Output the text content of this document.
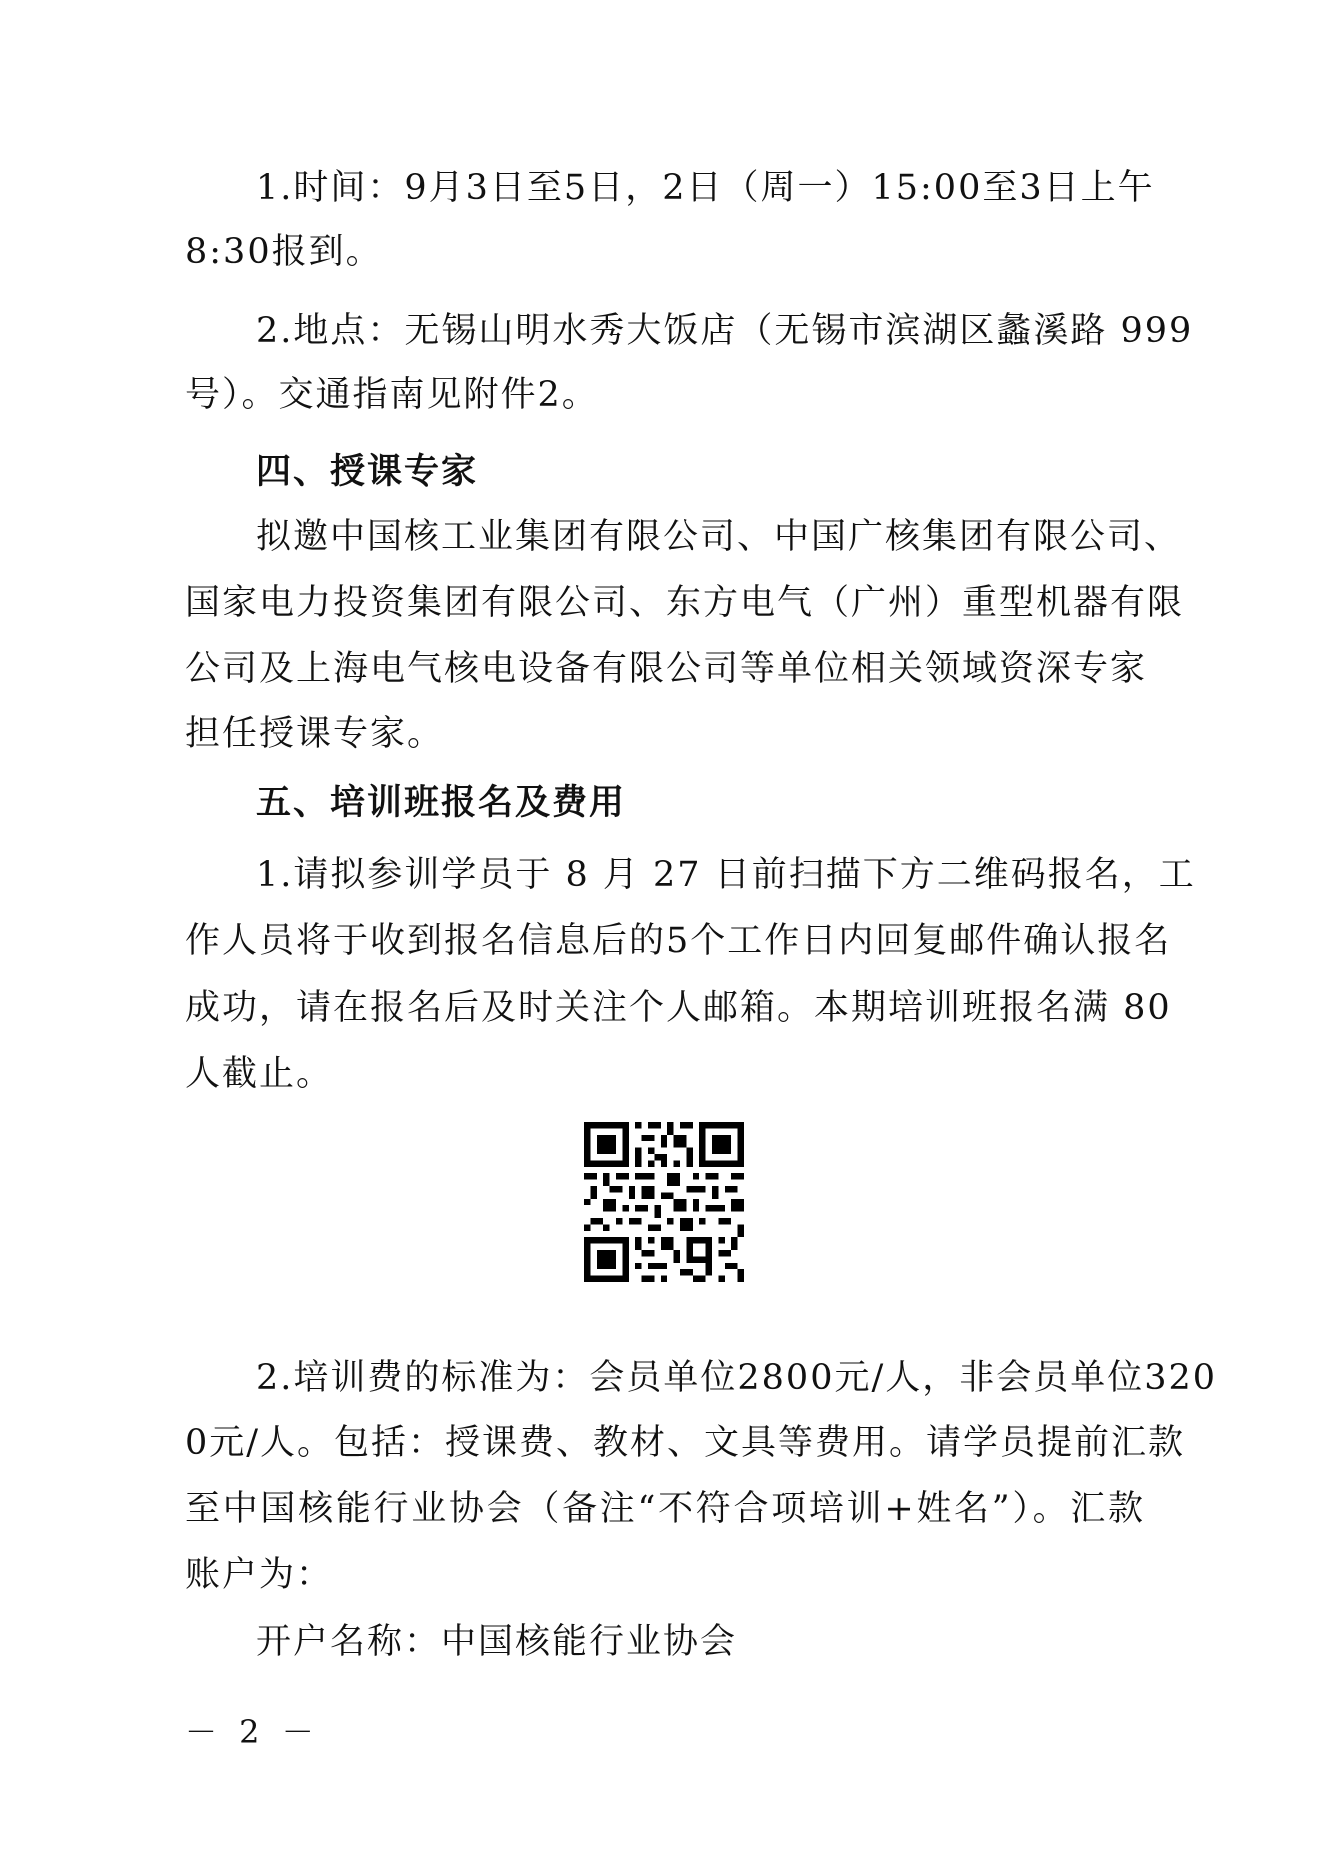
1.时间：9月3日至5日，2日（周一）15:00至3日上午
8:30报到。
2.地点：无锡山明水秀大饭店（无锡市滨湖区蠡溪路 999
号）。交通指南见附件2。
四、授课专家
拟邀中国核工业集团有限公司、中国广核集团有限公司、
国家电力投资集团有限公司、东方电气（广州）重型机器有限
公司及上海电气核电设备有限公司等单位相关领域资深专家
担任授课专家。
五、培训班报名及费用
1.请拟参训学员于 8 月 27 日前扫描下方二维码报名，工
作人员将于收到报名信息后的5个工作日内回复邮件确认报名
成功，请在报名后及时关注个人邮箱。本期培训班报名满 80
人截止。
2.培训费的标准为：会员单位2800元/人，非会员单位320
0元/人。包括：授课费、教材、文具等费用。请学员提前汇款
至中国核能行业协会（备注“不符合项培训+姓名”）。汇款
账户为：
开户名称：中国核能行业协会
－ 2 －
